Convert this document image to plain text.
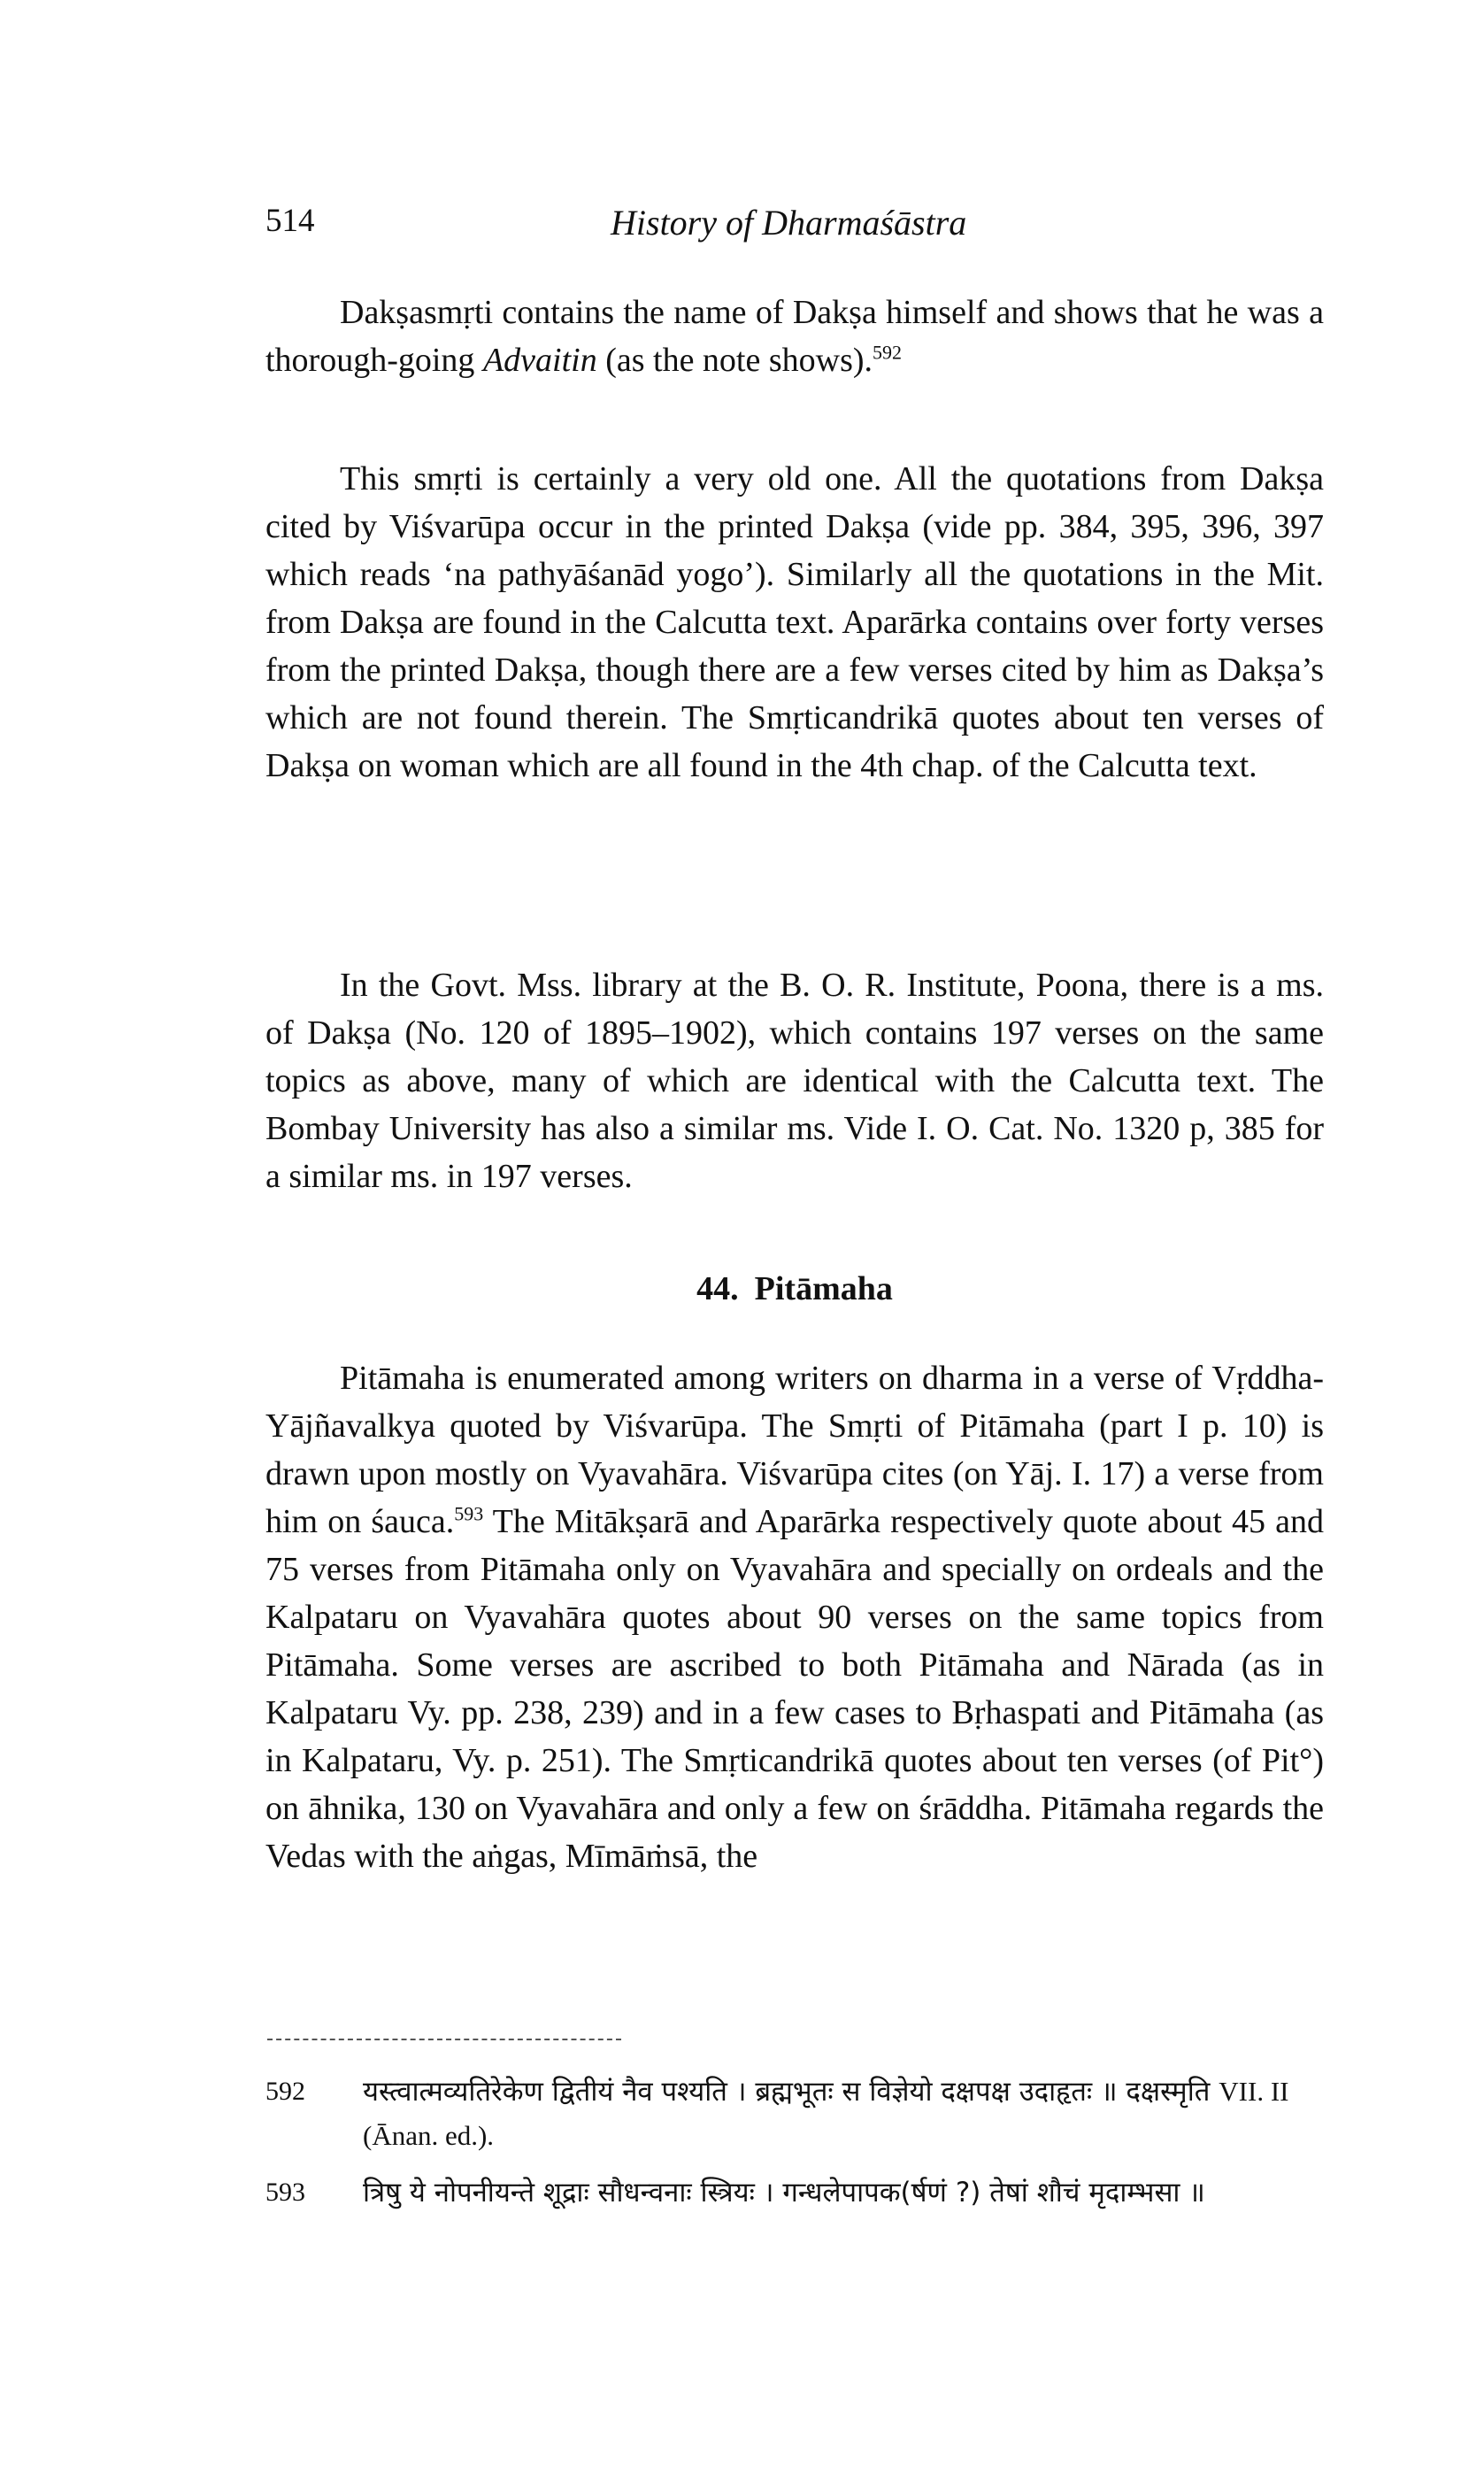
514	History of Dharmaśāstra

Dakṣasmṛti contains the name of Dakṣa himself and shows that he was a thorough-going Advaitin (as the note shows).$^{592}$

This smṛti is certainly a very old one. All the quotations from Dakṣa cited by Viśvarūpa occur in the printed Dakṣa (vide pp. 384, 395, 396, 397 which reads ‘na pathyāśanād yogo’). Similarly all the quotations in the Mit. from Dakṣa are found in the Calcutta text. Aparārka contains over forty verses from the printed Dakṣa, though there are a few verses cited by him as Dakṣa’s which are not found therein. The Smṛticandrikā quotes about ten verses of Dakṣa on woman which are all found in the 4th chap. of the Calcutta text.

In the Govt. Mss. library at the B. O. R. Institute, Poona, there is a ms. of Dakṣa (No. 120 of 1895–1902), which contains 197 verses on the same topics as above, many of which are identical with the Calcutta text. The Bombay University has also a similar ms. Vide I. O. Cat. No. 1320 p, 385 for a similar ms. in 197 verses.

44. Pitāmaha

Pitāmaha is enumerated among writers on dharma in a verse of Vṛddha-Yājñavalkya quoted by Viśvarūpa. The Smṛti of Pitāmaha (part I p. 10) is drawn upon mostly on Vyavahāra. Viśvarūpa cites (on Yāj. I. 17) a verse from him on śauca.$^{593}$ The Mitākṣarā and Aparārka respectively quote about 45 and 75 verses from Pitāmaha only on Vyavahāra and specially on ordeals and the Kalpataru on Vyavahāra quotes about 90 verses on the same topics from Pitāmaha. Some verses are ascribed to both Pitāmaha and Nārada (as in Kalpataru Vy. pp. 238, 239) and in a few cases to Bṛhaspati and Pitāmaha (as in Kalpataru, Vy. p. 251). The Smṛticandrikā quotes about ten verses (of Pit°) on āhnika, 130 on Vyavahāra and only a few on śrāddha. Pitāmaha regards the Vedas with the aṅgas, Mīmāṁsā, the

592 यस्त्वात्मव्यतिरेकेण द्वितीयं नैव पश्यति । ब्रह्मभूतः स विज्ञेयो दक्षपक्ष उदाहृतः ॥ दक्षस्मृति VII. II (Ānan. ed.).
593 त्रिषु ये नोपनीयन्ते शूद्राः सौधन्वनाः स्त्रियः । गन्धलेपापक(र्षणं ?) तेषां शौचं मृदाम्भसा ॥
